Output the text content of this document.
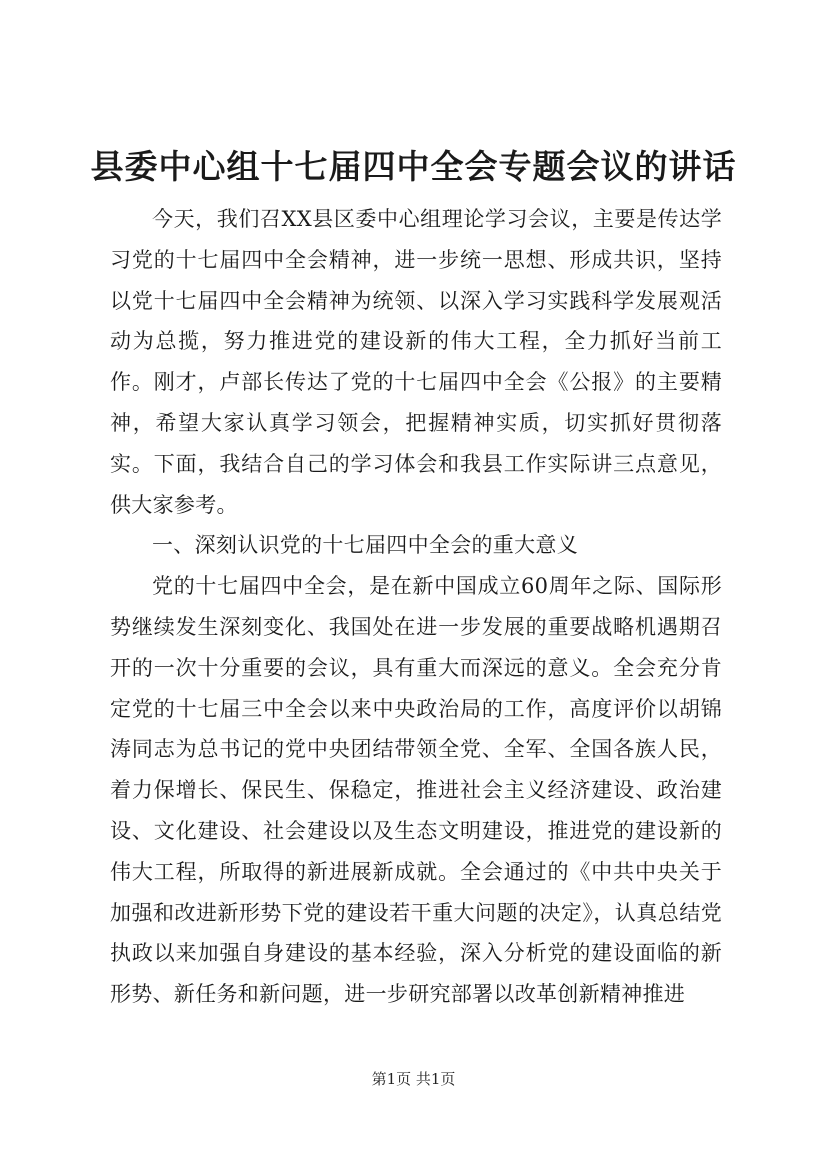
县委中心组十七届四中全会专题会议的讲话

今天，我们召XX县区委中心组理论学习会议，主要是传达学习党的十七届四中全会精神，进一步统一思想、形成共识，坚持以党十七届四中全会精神为统领、以深入学习实践科学发展观活动为总揽，努力推进党的建设新的伟大工程，全力抓好当前工作。刚才，卢部长传达了党的十七届四中全会《公报》的主要精神，希望大家认真学习领会，把握精神实质，切实抓好贯彻落实。下面，我结合自己的学习体会和我县工作实际讲三点意见，供大家参考。

一、深刻认识党的十七届四中全会的重大意义

党的十七届四中全会，是在新中国成立60周年之际、国际形势继续发生深刻变化、我国处在进一步发展的重要战略机遇期召开的一次十分重要的会议，具有重大而深远的意义。全会充分肯定党的十七届三中全会以来中央政治局的工作，高度评价以胡锦涛同志为总书记的党中央团结带领全党、全军、全国各族人民，着力保增长、保民生、保稳定，推进社会主义经济建设、政治建设、文化建设、社会建设以及生态文明建设，推进党的建设新的伟大工程，所取得的新进展新成就。全会通过的《中共中央关于加强和改进新形势下党的建设若干重大问题的决定》，认真总结党执政以来加强自身建设的基本经验，深入分析党的建设面临的新形势、新任务和新问题，进一步研究部署以改革创新精神推进

第1页 共1页
